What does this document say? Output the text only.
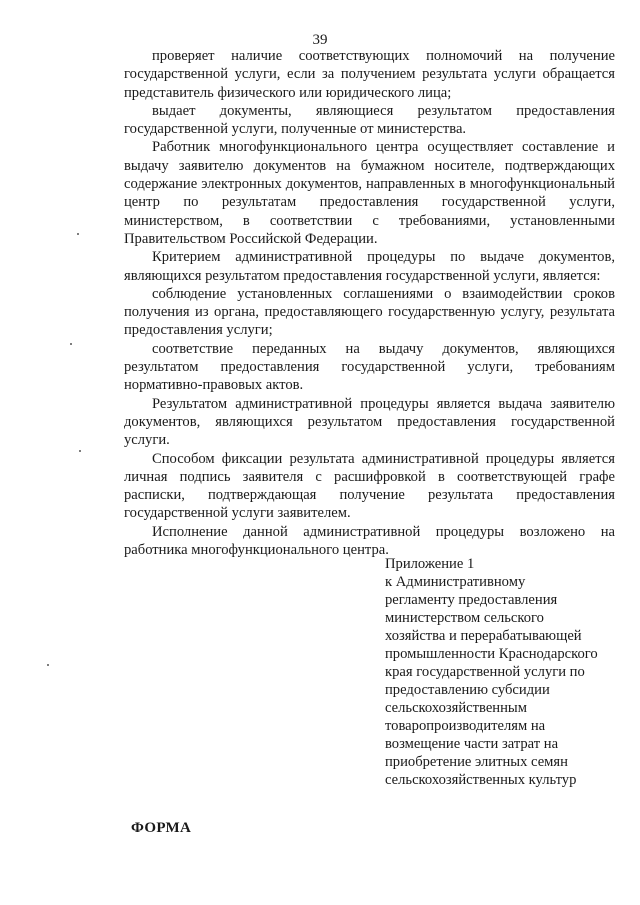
39

проверяет наличие соответствующих полномочий на получение государственной услуги, если за получением результата услуги обращается представитель физического или юридического лица;

выдает документы, являющиеся результатом предоставления государственной услуги, полученные от министерства.

Работник многофункционального центра осуществляет составление и выдачу заявителю документов на бумажном носителе, подтверждающих содержание электронных документов, направленных в многофункциональный центр по результатам предоставления государственной услуги, министерством, в соответствии с требованиями, установленными Правительством Российской Федерации.

Критерием административной процедуры по выдаче документов, являющихся результатом предоставления государственной услуги, является:

соблюдение установленных соглашениями о взаимодействии сроков получения из органа, предоставляющего государственную услугу, результата предоставления услуги;

соответствие переданных на выдачу документов, являющихся результатом предоставления государственной услуги, требованиям нормативно-правовых актов.

Результатом административной процедуры является выдача заявителю документов, являющихся результатом предоставления государственной услуги.

Способом фиксации результата административной процедуры является личная подпись заявителя с расшифровкой в соответствующей графе расписки, подтверждающая получение результата предоставления государственной услуги заявителем.

Исполнение данной административной процедуры возложено на работника многофункционального центра.

Приложение 1
к Административному
регламенту предоставления
министерством сельского
хозяйства и перерабатывающей
промышленности Краснодарского
края государственной услуги по
предоставлению субсидии
сельскохозяйственным
товаропроизводителям на
возмещение части затрат на
приобретение элитных семян
сельскохозяйственных культур
ФОРМА
